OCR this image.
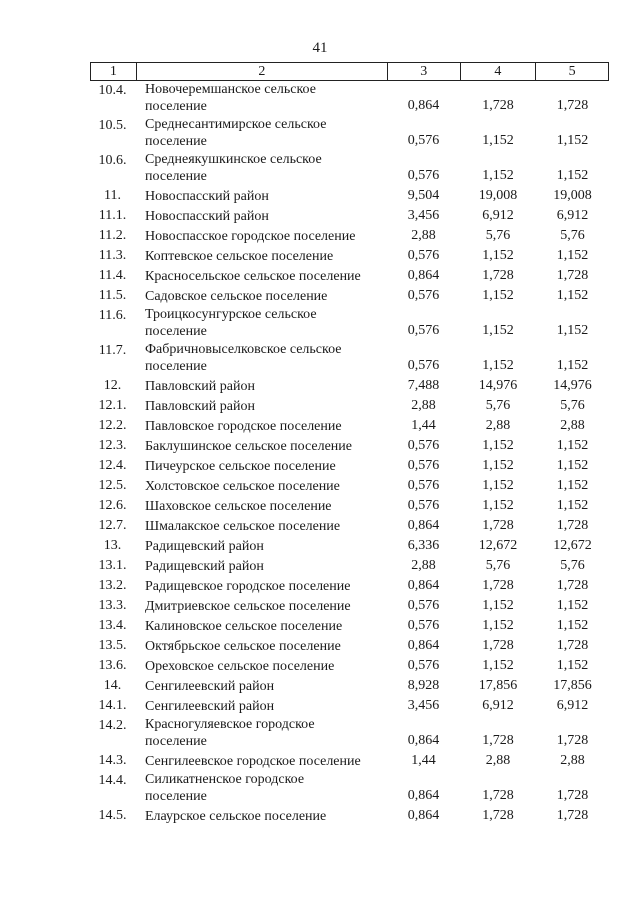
41
1	2	3	4	5
10.4.	Новочеремшанское сельское
поселение	0,864	1,728	1,728
10.5.	Среднесантимирское сельское
поселение	0,576	1,152	1,152
10.6.	Среднеякушкинское сельское
поселение	0,576	1,152	1,152
11.	Новоспасский район	9,504	19,008	19,008
11.1.	Новоспасский район	3,456	6,912	6,912
11.2.	Новоспасское городское поселение	2,88	5,76	5,76
11.3.	Коптевское сельское поселение	0,576	1,152	1,152
11.4.	Красносельское сельское поселение	0,864	1,728	1,728
11.5.	Садовское сельское поселение	0,576	1,152	1,152
11.6.	Троицкосунгурское сельское
поселение	0,576	1,152	1,152
11.7.	Фабричновыселковское сельское
поселение	0,576	1,152	1,152
12.	Павловский район	7,488	14,976	14,976
12.1.	Павловский район	2,88	5,76	5,76
12.2.	Павловское городское поселение	1,44	2,88	2,88
12.3.	Баклушинское сельское поселение	0,576	1,152	1,152
12.4.	Пичеурское сельское поселение	0,576	1,152	1,152
12.5.	Холстовское сельское поселение	0,576	1,152	1,152
12.6.	Шаховское сельское поселение	0,576	1,152	1,152
12.7.	Шмалакское сельское поселение	0,864	1,728	1,728
13.	Радищевский район	6,336	12,672	12,672
13.1.	Радищевский район	2,88	5,76	5,76
13.2.	Радищевское городское поселение	0,864	1,728	1,728
13.3.	Дмитриевское сельское поселение	0,576	1,152	1,152
13.4.	Калиновское сельское поселение	0,576	1,152	1,152
13.5.	Октябрьское сельское поселение	0,864	1,728	1,728
13.6.	Ореховское сельское поселение	0,576	1,152	1,152
14.	Сенгилеевский район	8,928	17,856	17,856
14.1.	Сенгилеевский район	3,456	6,912	6,912
14.2.	Красногуляевское городское
поселение	0,864	1,728	1,728
14.3.	Сенгилеевское городское поселение	1,44	2,88	2,88
14.4.	Силикатненское городское
поселение	0,864	1,728	1,728
14.5.	Елаурское сельское поселение	0,864	1,728	1,728
